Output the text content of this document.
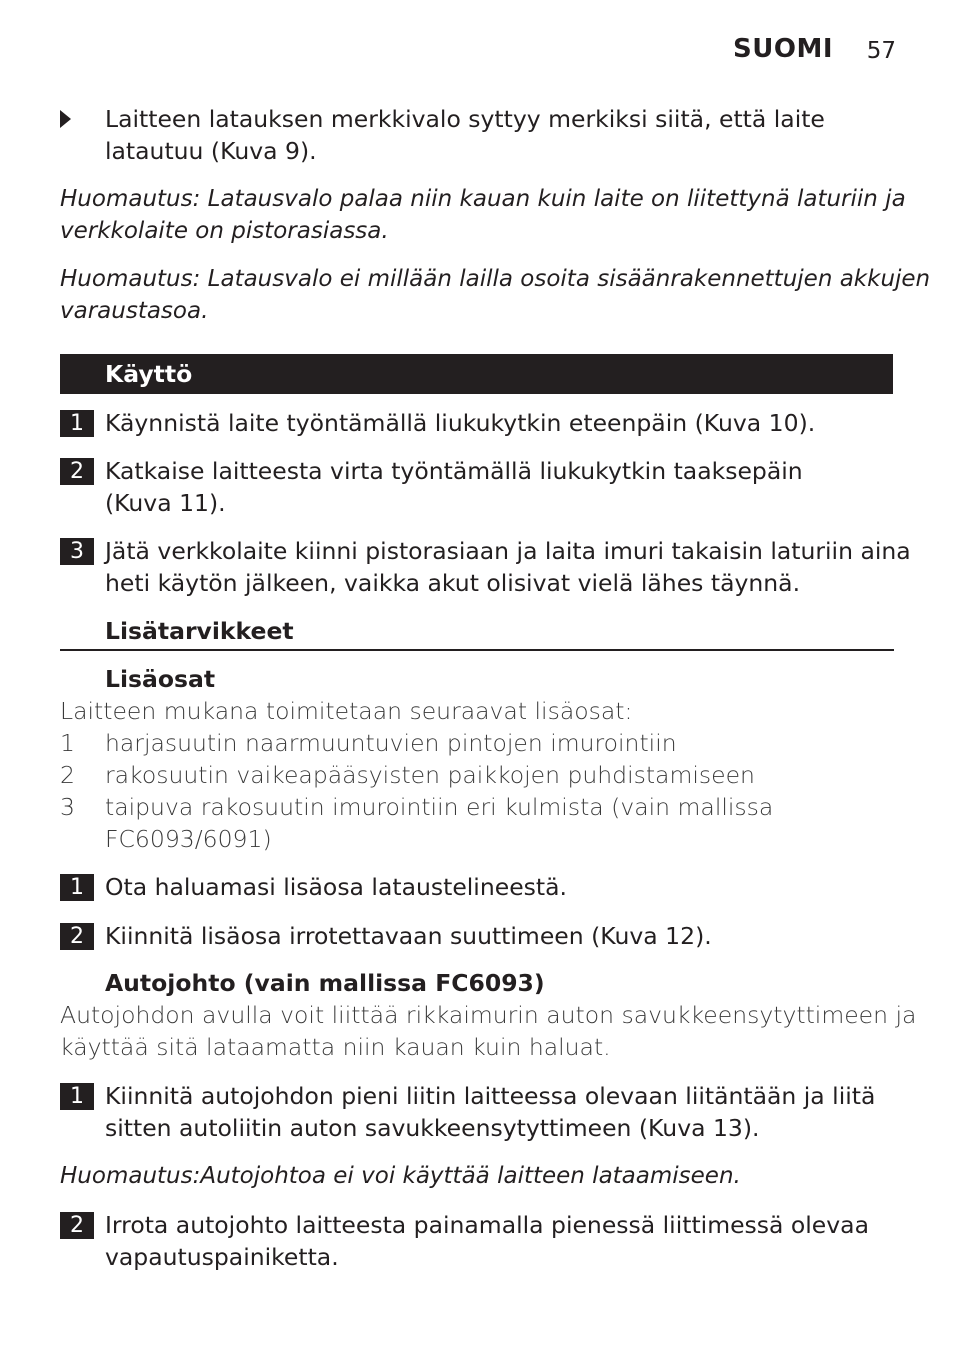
SUOMI 57
Laitteen latauksen merkkivalo syttyy merkiksi siitä, että laite
latautuu (Kuva 9).
Huomautus: Latausvalo palaa niin kauan kuin laite on liitettynä laturiin ja
verkkolaite on pistorasiassa.
Huomautus: Latausvalo ei millään lailla osoita sisäänrakennettujen akkujen
varaustasoa.
Käyttö
1 Käynnistä laite työntämällä liukukytkin eteenpäin (Kuva 10).
2 Katkaise laitteesta virta työntämällä liukukytkin taaksepäin
(Kuva 11).
3 Jätä verkkolaite kiinni pistorasiaan ja laita imuri takaisin laturiin aina
heti käytön jälkeen, vaikka akut olisivat vielä lähes täynnä.
Lisätarvikkeet
Lisäosat
Laitteen mukana toimitetaan seuraavat lisäosat:
1 harjasuutin naarmuuntuvien pintojen imurointiin
2 rakosuutin vaikeapääsyisten paikkojen puhdistamiseen
3 taipuva rakosuutin imurointiin eri kulmista (vain mallissa
FC6093/6091)
1 Ota haluamasi lisäosa lataustelineestä.
2 Kiinnitä lisäosa irrotettavaan suuttimeen (Kuva 12).
Autojohto (vain mallissa FC6093)
Autojohdon avulla voit liittää rikkaimurin auton savukkeensytyttimeen ja
käyttää sitä lataamatta niin kauan kuin haluat.
1 Kiinnitä autojohdon pieni liitin laitteessa olevaan liitäntään ja liitä
sitten autoliitin auton savukkeensytyttimeen (Kuva 13).
Huomautus:Autojohtoa ei voi käyttää laitteen lataamiseen.
2 Irrota autojohto laitteesta painamalla pienessä liittimessä olevaa
vapautuspainiketta.
